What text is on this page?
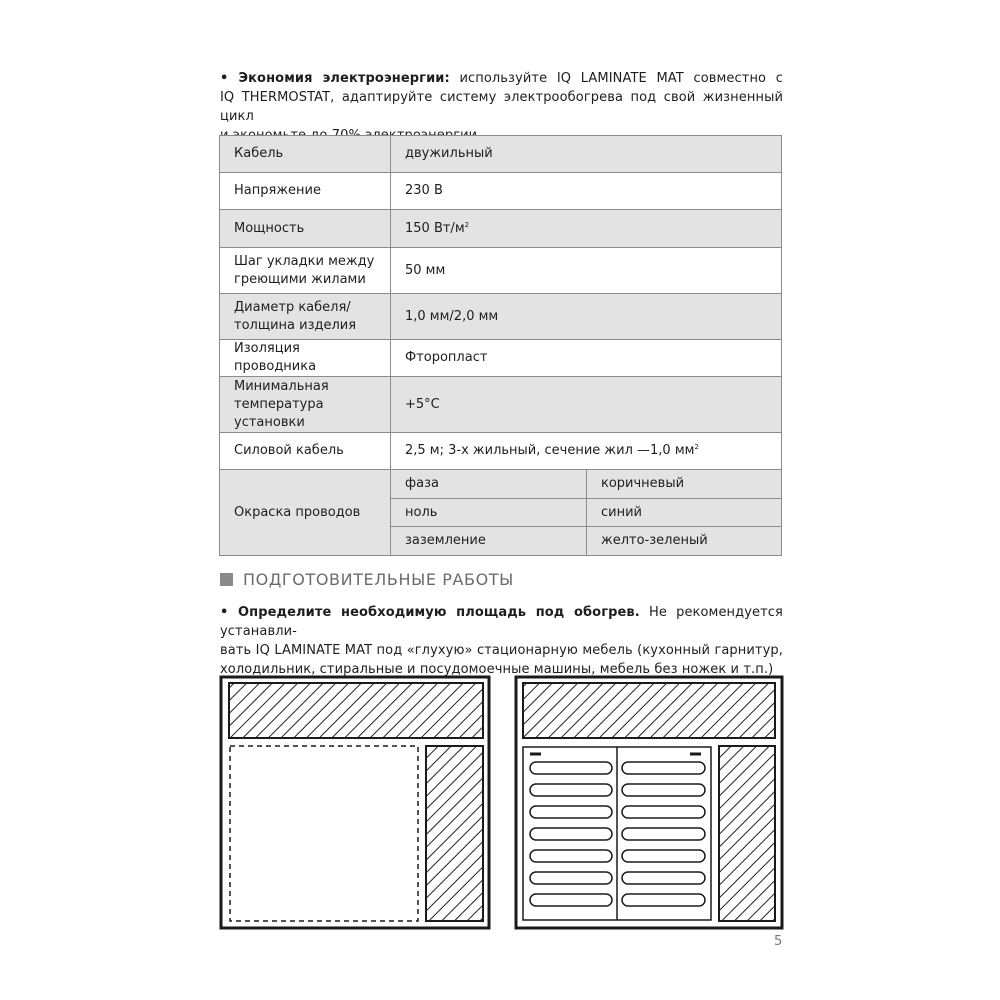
• Экономия электроэнергии: используйте IQ LAMINATE MAT совместно с
IQ THERMOSTAT, адаптируйте систему электрообогрева под свой жизненный цикл
Кабель	двужильный	
Напряжение	230 В	
Мощность	150 $Вт/м^2$
Шаг укладки между греющими жилами	50 мм	
Диаметр кабеля/ толщина изделия	1,0 мм/2,0 мм	
Изоляция проводника	Фторопласт	
Минимальная температура установки	+5°C	
Силовой кабель	2,5 м; 3-х жильный, сечение жил —1,0 $мм^2$
Окраска проводов	фаза	коричневый
	ноль	синий
	заземление	желто-зеленый
ПОДГОТОВИТЕЛЬНЫЕ РАБОТЫ
• Определите необходимую площадь под обогрев. Не рекомендуется устанавли-
вать IQ LAMINATE MAT под «глухую» стационарную мебель (кухонный гарнитур,
холодильник, стиральные и посудомоечные машины, мебель без ножек и т.п.)
5
